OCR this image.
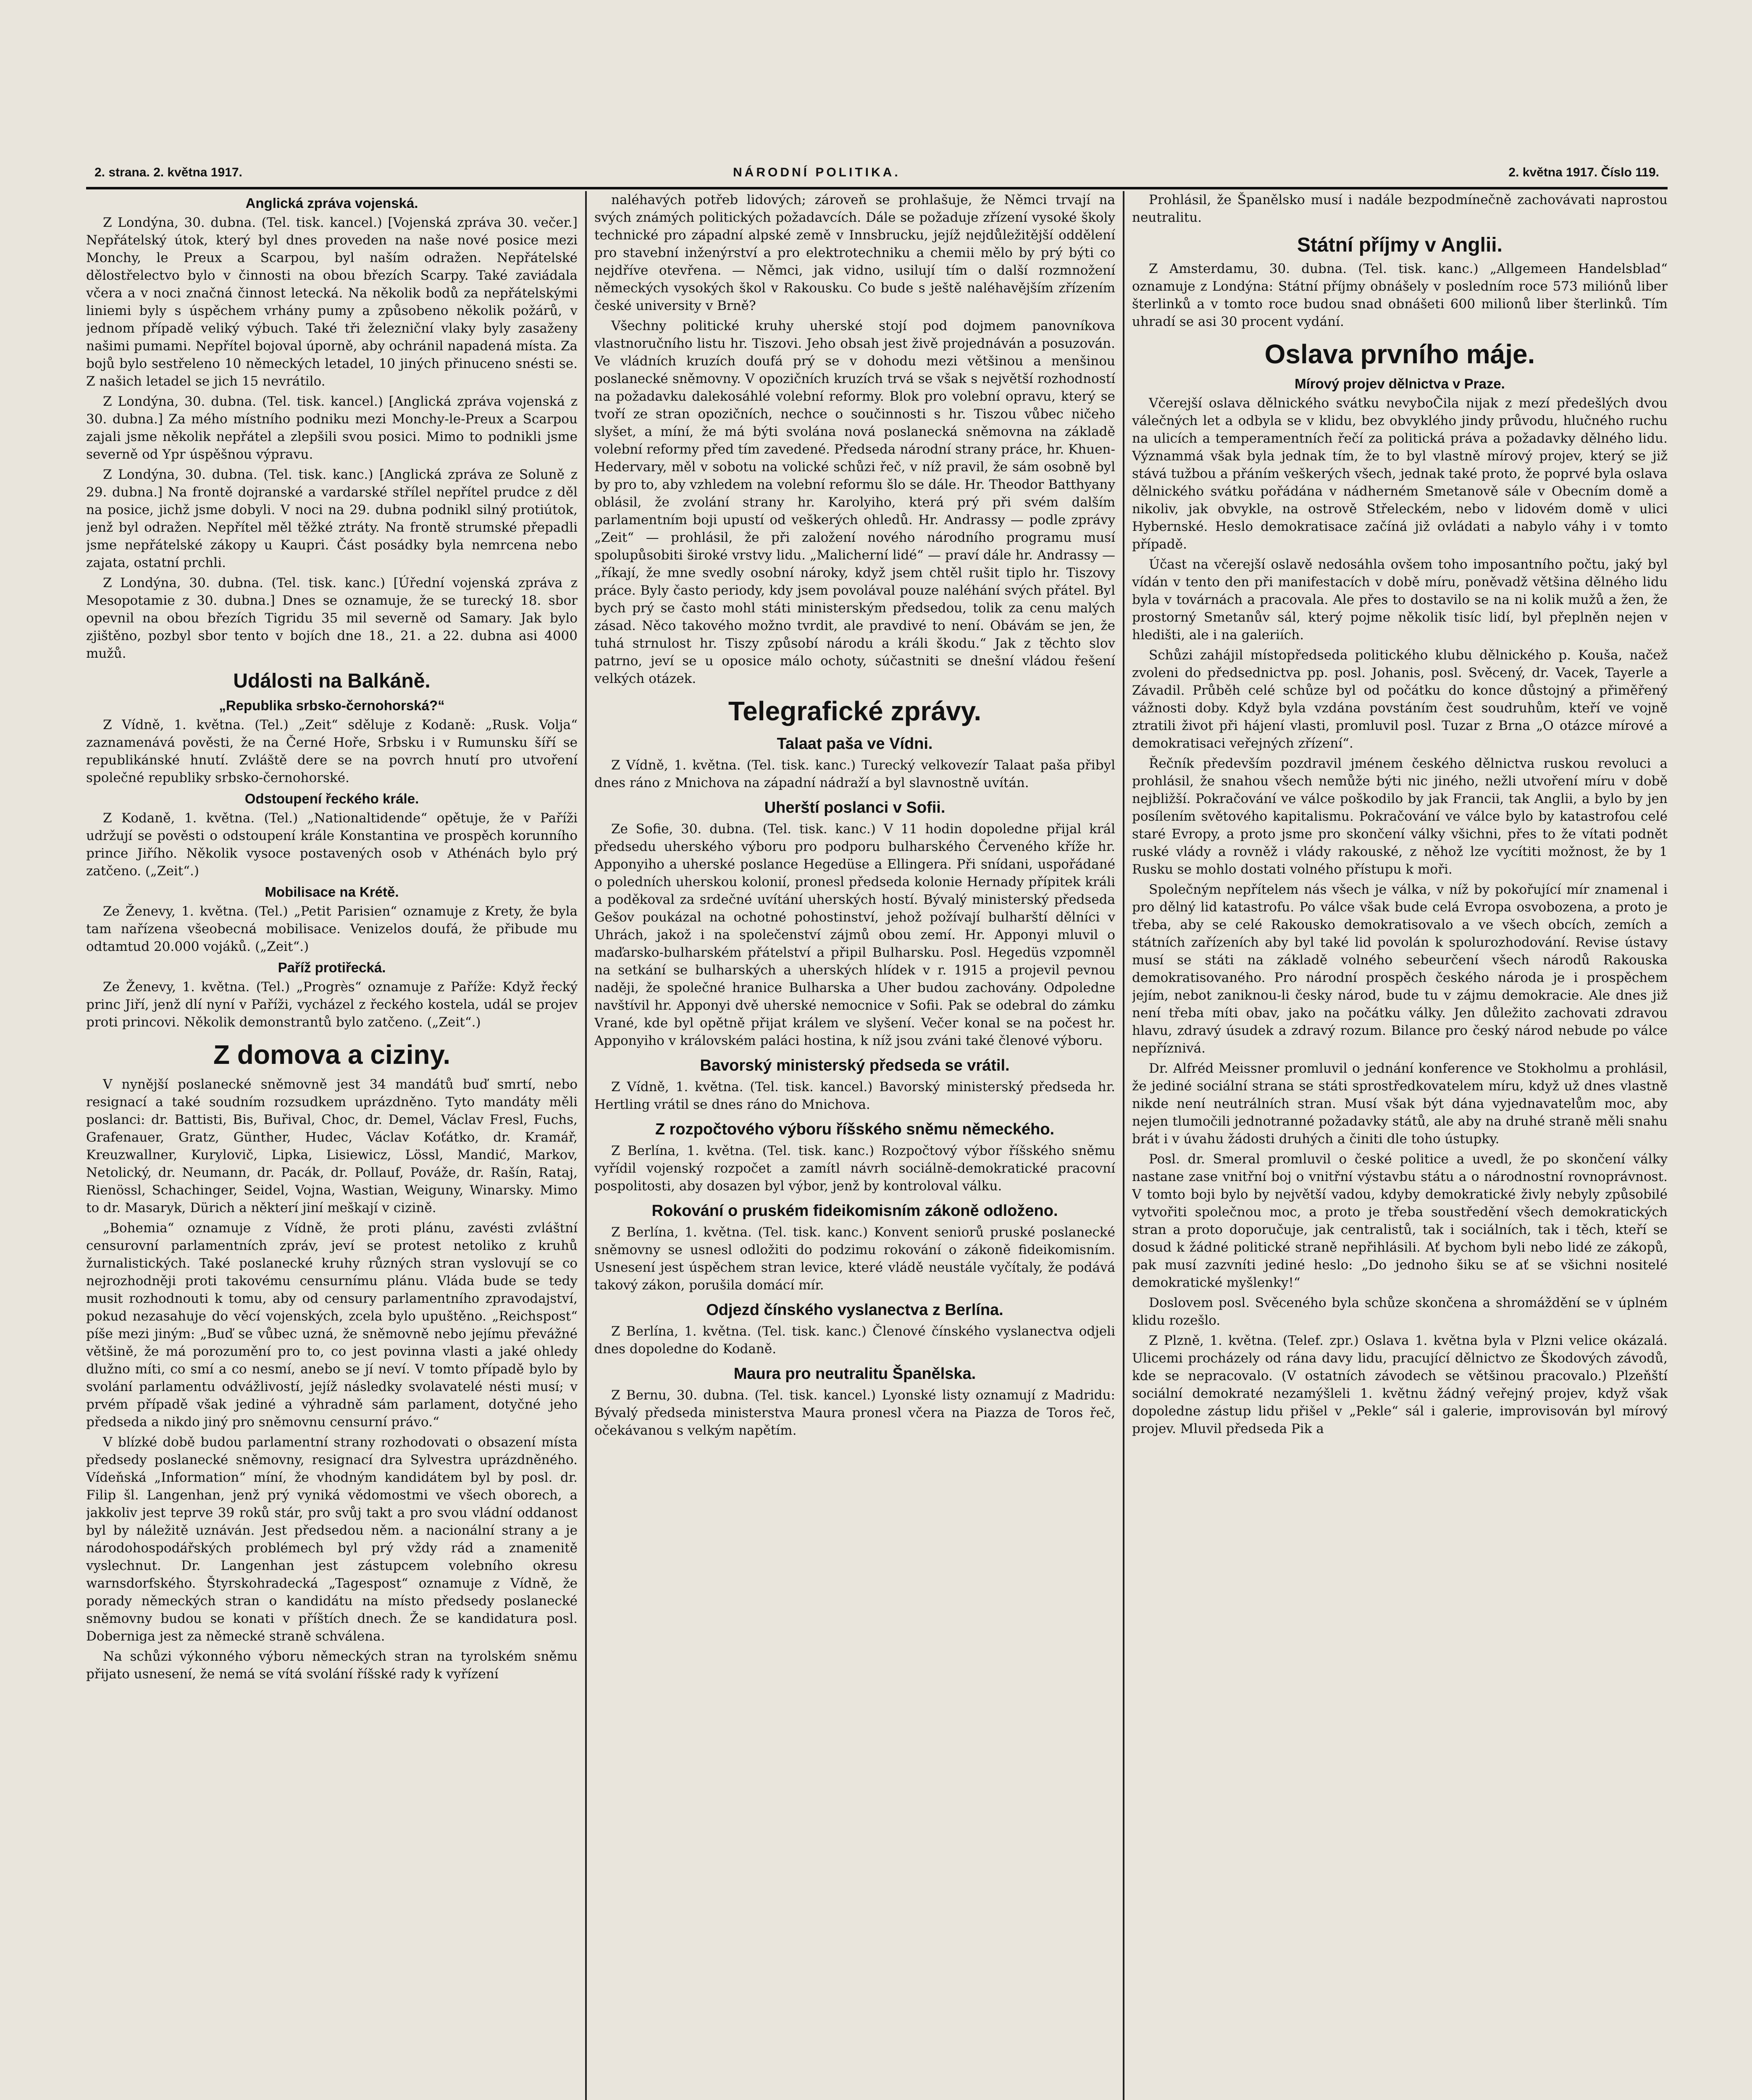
2. strana. 2. května 1917.	NÁRODNÍ POLITIKA.	2. května 1917. Číslo 119.
Anglická zpráva vojenská.

Z Londýna, 30. dubna. (Tel. tisk. kancel.) [Vojenská zpráva 30. večer.] Nepřátelský útok, který byl dnes proveden na naše nové posice mezi Monchy, le Preux a Scarpou, byl naším odražen. Nepřátelské dělostřelectvo bylo v činnosti na obou březích Scarpy. Také zaviádala včera a v noci značná činnost letecká. Na několik bodů za nepřátelskými liniemi byly s úspěchem vrhány pumy a způsobeno několik požárů, v jednom případě veliký výbuch. Také tři železniční vlaky byly zasaženy našimi pumami. Nepřítel bojoval úporně, aby ochránil napadená místa. Za bojů bylo sestřeleno 10 německých letadel, 10 jiných přinuceno snésti se. Z našich letadel se jich 15 nevrátilo.

Z Londýna, 30. dubna. (Tel. tisk. kancel.) [Anglická zpráva vojenská z 30. dubna.] Za mého místního podniku mezi Monchy-le-Preux a Scarpou zajali jsme několik nepřátel a zlepšili svou posici. Mimo to podnikli jsme severně od Ypr úspěšnou výpravu.

Z Londýna, 30. dubna. (Tel. tisk. kanc.) [Anglická zpráva ze Soluně z 29. dubna.] Na frontě dojranské a vardarské střílel nepřítel prudce z děl na posice, jichž jsme dobyli. V noci na 29. dubna podnikl silný protiútok, jenž byl odražen. Nepřítel měl těžké ztráty. Na frontě strumské přepadli jsme nepřátelské zákopy u Kaupri. Část posádky byla nemrcena nebo zajata, ostatní prchli.

Z Londýna, 30. dubna. (Tel. tisk. kanc.) [Úřední vojenská zpráva z Mesopotamie z 30. dubna.] Dnes se oznamuje, že se turecký 18. sbor opevnil na obou březích Tigridu 35 mil severně od Samary. Jak bylo zjištěno, pozbyl sbor tento v bojích dne 18., 21. a 22. dubna asi 4000 mužů.

Události na Balkáně.
„Republika srbsko-černohorská?“

Z Vídně, 1. května. (Tel.) „Zeit“ sděluje z Kodaně: „Rusk. Volja“ zaznamenává pověsti, že na Černé Hoře, Srbsku i v Rumunsku šíří se republikánské hnutí. Zvláště dere se na povrch hnutí pro utvoření společné republiky srbsko-černohorské.

Odstoupení řeckého krále.

Z Kodaně, 1. května. (Tel.) „Nationaltidende“ opětuje, že v Paříži udržují se pověsti o odstoupení krále Konstantina ve prospěch korunního prince Jiřího. Několik vysoce postavených osob v Athénách bylo prý zatčeno. („Zeit“.)

Mobilisace na Krétě.

Ze Ženevy, 1. května. (Tel.) „Petit Parisien“ oznamuje z Krety, že byla tam nařízena všeobecná mobilisace. Venizelos doufá, že přibude mu odtamtud 20.000 vojáků. („Zeit“.)

Paříž protiřecká.

Ze Ženevy, 1. května. (Tel.) „Progrès“ oznamuje z Paříže: Když řecký princ Jiří, jenž dlí nyní v Paříži, vycházel z řeckého kostela, udál se projev proti princovi. Několik demonstrantů bylo zatčeno. („Zeit“.)

Z domova a ciziny.

V nynější poslanecké sněmovně jest 34 mandátů buď smrtí, nebo resignací a také soudním rozsudkem uprázdněno. Tyto mandáty měli poslanci: dr. Battisti, Bis, Buřival, Choc, dr. Demel, Václav Fresl, Fuchs, Grafenauer, Gratz, Günther, Hudec, Václav Koťátko, dr. Kramář, Kreuzwallner, Kurylovič, Lipka, Lisiewicz, Lössl, Mandić, Markov, Netolický, dr. Neumann, dr. Pacák, dr. Pollauf, Pováže, dr. Rašín, Rataj, Rienössl, Schachinger, Seidel, Vojna, Wastian, Weiguny, Winarsky. Mimo to dr. Masaryk, Dürich a některí jiní meškají v cizině.

„Bohemia“ oznamuje z Vídně, že proti plánu, zavésti zvláštní censurovní parlamentních zpráv, jeví se protest netoliko z kruhů žurnalistických. Také poslanecké kruhy různých stran vyslovují se co nejrozhodněji proti takovému censurnímu plánu. Vláda bude se tedy musit rozhodnouti k tomu, aby od censury parlamentního zpravodajství, pokud nezasahuje do věcí vojenských, zcela bylo upuštěno. „Reichspost“ píše mezi jiným: „Buď se vůbec uzná, že sněmovně nebo jejímu převážné většině, že má porozumění pro to, co jest povinna vlasti a jaké ohledy dlužno míti, co smí a co nesmí, anebo se jí neví. V tomto případě bylo by svolání parlamentu odvážlivostí, jejíž následky svolavatelé nésti musí; v prvém případě však jediné a výhradně sám parlament, dotyčné jeho předseda a nikdo jiný pro sněmovnu censurní právo.“

V blízké době budou parlamentní strany rozhodovati o obsazení místa předsedy poslanecké sněmovny, resignací dra Sylvestra uprázdněného. Vídeňská „Information“ míní, že vhodným kandidátem byl by posl. dr. Filip šl. Langenhan, jenž prý vyniká vědomostmi ve všech oborech, a jakkoliv jest teprve 39 roků stár, pro svůj takt a pro svou vládní oddanost byl by náležitě uznáván. Jest předsedou něm. a nacionální strany a je národohospodářských problémech byl prý vždy rád a znamenitě vyslechnut. Dr. Langenhan jest zástupcem volebního okresu warnsdorfského. Štyrskohradecká „Tagespost“ oznamuje z Vídně, že porady německých stran o kandidátu na místo předsedy poslanecké sněmovny budou se konati v příštích dnech. Že se kandidatura posl. Doberniga jest za německé straně schválena.

Na schůzi výkonného výboru německých stran na tyrolském sněmu přijato usnesení, že nemá se vítá svolání říšské rady k vyřízení

naléhavých potřeb lidových; zároveň se prohlašuje, že Němci trvají na svých známých politických požadavcích. Dále se požaduje zřízení vysoké školy technické pro západní alpské země v Innsbrucku, jejíž nejdůležitější oddělení pro stavební inženýrství a pro elektrotechniku a chemii mělo by prý býti co nejdříve otevřena. — Němci, jak vidno, usilují tím o další rozmnožení německých vysokých škol v Rakousku. Co bude s ještě naléhavějším zřízením české university v Brně?

Všechny politické kruhy uherské stojí pod dojmem panovníkova vlastnoručního listu hr. Tiszovi. Jeho obsah jest živě projednáván a posuzován. Ve vládních kruzích doufá prý se v dohodu mezi většinou a menšinou poslanecké sněmovny. V opozičních kruzích trvá se však s největší rozhodností na požadavku dalekosáhlé volební reformy. Blok pro volební opravu, který se tvoří ze stran opozičních, nechce o součinnosti s hr. Tiszou vůbec ničeho slyšet, a míní, že má býti svolána nová poslanecká sněmovna na základě volební reformy před tím zavedené. Předseda národní strany práce, hr. Khuen-Hedervary, měl v sobotu na volické schůzi řeč, v níž pravil, že sám osobně byl by pro to, aby vzhledem na volební reformu šlo se dále. Hr. Theodor Batthyany oblásil, že zvolání strany hr. Karolyiho, která prý při svém dalším parlamentním boji upustí od veškerých ohledů. Hr. Andrassy — podle zprávy „Zeit“ — prohlásil, že při založení nového národního programu musí spolupůsobiti široké vrstvy lidu. „Malicherní lidé“ — praví dále hr. Andrassy — „říkají, že mne svedly osobní nároky, když jsem chtěl rušit tiplo hr. Tiszovy práce. Byly často periody, kdy jsem povolával pouze naléhání svých přátel. Byl bych prý se často mohl státi ministerským předsedou, tolik za cenu malých zásad. Něco takového možno tvrdit, ale pravdivé to není. Obávám se jen, že tuhá strnulost hr. Tiszy způsobí národu a králi škodu.“ Jak z těchto slov patrno, jeví se u oposice málo ochoty, súčastniti se dnešní vládou řešení velkých otázek.

Telegrafické zprávy.
Talaat paša ve Vídni.

Z Vídně, 1. května. (Tel. tisk. kanc.) Turecký velkovezír Talaat paša přibyl dnes ráno z Mnichova na západní nádraží a byl slavnostně uvítán.

Uherští poslanci v Sofii.

Ze Sofie, 30. dubna. (Tel. tisk. kanc.) V 11 hodin dopoledne přijal král předsedu uherského výboru pro podporu bulharského Červeného kříže hr. Apponyiho a uherské poslance Hegedüse a Ellingera. Při snídani, uspořádané o poledních uherskou kolonií, pronesl předseda kolonie Hernady přípitek králi a poděkoval za srdečné uvítání uherských hostí. Bývalý ministerský předseda Gešov poukázal na ochotné pohostinství, jehož požívají bulharští dělníci v Uhrách, jakož i na společenství zájmů obou zemí. Hr. Apponyi mluvil o maďarsko-bulharském přátelství a připil Bulharsku. Posl. Hegedüs vzpomněl na setkání se bulharských a uherských hlídek v r. 1915 a projevil pevnou naději, že společné hranice Bulharska a Uher budou zachovány. Odpoledne navštívil hr. Apponyi dvě uherské nemocnice v Sofii. Pak se odebral do zámku Vrané, kde byl opětně přijat králem ve slyšení. Večer konal se na počest hr. Apponyiho v královském paláci hostina, k níž jsou zváni také členové výboru.

Bavorský ministerský předseda se vrátil.

Z Vídně, 1. května. (Tel. tisk. kancel.) Bavorský ministerský předseda hr. Hertling vrátil se dnes ráno do Mnichova.

Z rozpočtového výboru říšského sněmu německého.

Z Berlína, 1. května. (Tel. tisk. kanc.) Rozpočtový výbor říšského sněmu vyřídil vojenský rozpočet a zamítl návrh sociálně-demokratické pracovní pospolitosti, aby dosazen byl výbor, jenž by kontroloval válku.

Rokování o pruském fideikomisním zákoně odloženo.

Z Berlína, 1. května. (Tel. tisk. kanc.) Konvent seniorů pruské poslanecké sněmovny se usnesl odložiti do podzimu rokování o zákoně fideikomisním. Usnesení jest úspěchem stran levice, které vládě neustále vyčítaly, že podává takový zákon, porušila domácí mír.

Odjezd čínského vyslanectva z Berlína.

Z Berlína, 1. května. (Tel. tisk. kanc.) Členové čínského vyslanectva odjeli dnes dopoledne do Kodaně.

Maura pro neutralitu Španělska.

Z Bernu, 30. dubna. (Tel. tisk. kancel.) Lyonské listy oznamují z Madridu: Bývalý předseda ministerstva Maura pronesl včera na Piazza de Toros řeč, očekávanou s velkým napětím.

Prohlásil, že Španělsko musí i nadále bezpodmínečně zachovávati naprostou neutralitu.

Státní příjmy v Anglii.

Z Amsterdamu, 30. dubna. (Tel. tisk. kanc.) „Allgemeen Handelsblad“ oznamuje z Londýna: Státní příjmy obnášely v posledním roce 573 miliónů liber šterlinků a v tomto roce budou snad obnášeti 600 milionů liber šterlinků. Tím uhradí se asi 30 procent vydání.

Oslava prvního máje.
Mírový projev dělnictva v Praze.

Včerejší oslava dělnického svátku nevyboČila nijak z mezí předešlých dvou válečných let a odbyla se v klidu, bez obvyklého jindy průvodu, hlučného ruchu na ulicích a temperamentních řečí za politická práva a požadavky dělného lidu. Význammá však byla jednak tím, že to byl vlastně mírový projev, který se již stává tužbou a přáním veškerých všech, jednak také proto, že poprvé byla oslava dělnického svátku pořádána v nádherném Smetanově sále v Obecním domě a nikoliv, jak obvykle, na ostrově Střeleckém, nebo v lidovém domě v ulici Hybernské. Heslo demokratisace začíná již ovládati a nabylo váhy i v tomto případě.

Účast na včerejší oslavě nedosáhla ovšem toho imposantního počtu, jaký byl vídán v tento den při manifestacích v době míru, poněvadž většina dělného lidu byla v továrnách a pracovala. Ale přes to dostavilo se na ni kolik mužů a žen, že prostorný Smetanův sál, který pojme několik tisíc lidí, byl přeplněn nejen v hledišti, ale i na galeriích.

Schůzi zahájil místopředseda politického klubu dělnického p. Kouša, načež zvoleni do předsednictva pp. posl. Johanis, posl. Svěcený, dr. Vacek, Tayerle a Závadil. Průběh celé schůze byl od počátku do konce důstojný a přiměřený vážnosti doby. Když byla vzdána povstáním čest soudruhům, kteří ve vojně ztratili život při hájení vlasti, promluvil posl. Tuzar z Brna „O otázce mírové a demokratisaci veřejných zřízení“.

Řečník především pozdravil jménem českého dělnictva ruskou revoluci a prohlásil, že snahou všech nemůže býti nic jiného, nežli utvoření míru v době nejbližší. Pokračování ve válce poškodilo by jak Francii, tak Anglii, a bylo by jen posílením světového kapitalismu. Pokračování ve válce bylo by katastrofou celé staré Evropy, a proto jsme pro skončení války všichni, přes to že vítati podnět ruské vlády a rovněž i vlády rakouské, z něhož lze vycítiti možnost, že by 1 Rusku se mohlo dostati volného přístupu k moři.

Společným nepřítelem nás všech je válka, v níž by pokořující mír znamenal i pro dělný lid katastrofu. Po válce však bude celá Evropa osvobozena, a proto je třeba, aby se celé Rakousko demokratisovalo a ve všech obcích, zemích a státních zařízeních aby byl také lid povolán k spolurozhodování. Revise ústavy musí se státi na základě volného sebeurčení všech národů Rakouska demokratisovaného. Pro národní prospěch českého národa je i prospěchem jejím, nebot zaniknou-li česky národ, bude tu v zájmu demokracie. Ale dnes již není třeba míti obav, jako na počátku války. Jen důležito zachovati zdravou hlavu, zdravý úsudek a zdravý rozum. Bilance pro český národ nebude po válce nepříznivá.

Dr. Alfréd Meissner promluvil o jednání konference ve Stokholmu a prohlásil, že jediné sociální strana se státi sprostředkovatelem míru, když už dnes vlastně nikde není neutrálních stran. Musí však být dána vyjednavatelům moc, aby nejen tlumočili jednotranné požadavky států, ale aby na druhé straně měli snahu brát i v úvahu žádosti druhých a činiti dle toho ústupky.

Posl. dr. Smeral promluvil o české politice a uvedl, že po skončení války nastane zase vnitřní boj o vnitřní výstavbu státu a o národnostní rovnoprávnost. V tomto boji bylo by největší vadou, kdyby demokratické živly nebyly způsobilé vytvořiti společnou moc, a proto je třeba soustředění všech demokratických stran a proto doporučuje, jak centralistů, tak i sociálních, tak i těch, kteří se dosud k žádné politické straně nepřihlásili. Ať bychom byli nebo lidé ze zákopů, pak musí zazvníti jediné heslo: „Do jednoho šiku se ať se všichni nositelé demokratické myšlenky!“

Doslovem posl. Svěceného byla schůze skončena a shromáždění se v úplném klidu rozešlo.

Z Plzně, 1. května. (Telef. zpr.) Oslava 1. května byla v Plzni velice okázalá. Ulicemi procházely od rána davy lidu, pracující dělnictvo ze Škodových závodů, kde se nepracovalo. (V ostatních závodech se většinou pracovalo.) Plzeňští sociální demokraté nezamýšleli 1. květnu žádný veřejný projev, když však dopoledne zástup lidu přišel v „Pekle“ sál i galerie, improvisován byl mírový projev. Mluvil předseda Pik a
